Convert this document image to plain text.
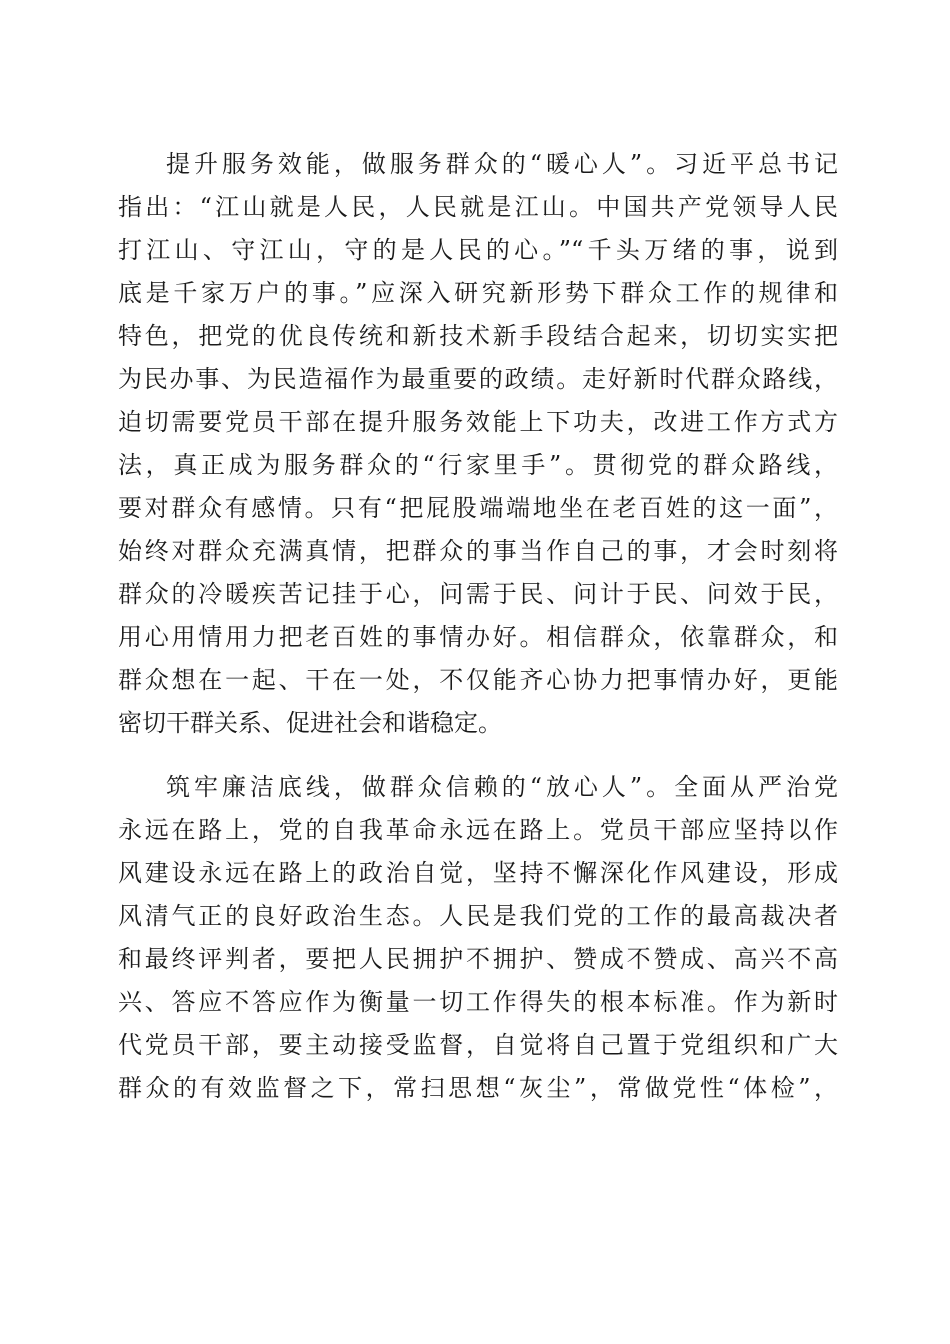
提升服务效能，做服务群众的“暖心人”。习近平总书记
指出：“江山就是人民，人民就是江山。中国共产党领导人民
打江山、守江山，守的是人民的心。”“千头万绪的事，说到
底是千家万户的事。”应深入研究新形势下群众工作的规律和
特色，把党的优良传统和新技术新手段结合起来，切切实实把
为民办事、为民造福作为最重要的政绩。走好新时代群众路线，
迫切需要党员干部在提升服务效能上下功夫，改进工作方式方
法，真正成为服务群众的“行家里手”。贯彻党的群众路线，
要对群众有感情。只有“把屁股端端地坐在老百姓的这一面”，
始终对群众充满真情，把群众的事当作自己的事，才会时刻将
群众的冷暖疾苦记挂于心，问需于民、问计于民、问效于民，
用心用情用力把老百姓的事情办好。相信群众，依靠群众，和
群众想在一起、干在一处，不仅能齐心协力把事情办好，更能
密切干群关系、促进社会和谐稳定。
筑牢廉洁底线，做群众信赖的“放心人”。全面从严治党
永远在路上，党的自我革命永远在路上。党员干部应坚持以作
风建设永远在路上的政治自觉，坚持不懈深化作风建设，形成
风清气正的良好政治生态。人民是我们党的工作的最高裁决者
和最终评判者，要把人民拥护不拥护、赞成不赞成、高兴不高
兴、答应不答应作为衡量一切工作得失的根本标准。作为新时
代党员干部，要主动接受监督，自觉将自己置于党组织和广大
群众的有效监督之下，常扫思想“灰尘”，常做党性“体检”，
